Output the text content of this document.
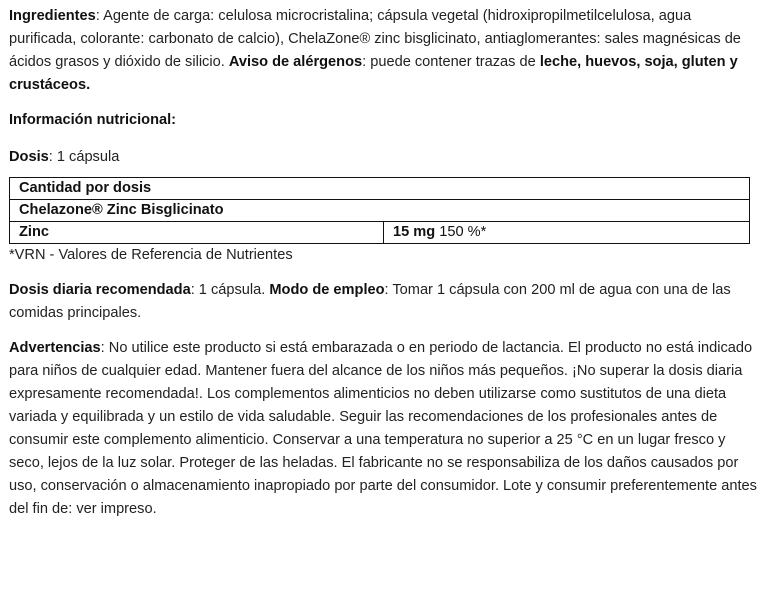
Ingredientes: Agente de carga: celulosa microcristalina; cápsula vegetal (hidroxipropilmetilcelulosa, agua purificada, colorante: carbonato de calcio), ChelaZone® zinc bisglicinato, antiaglomerantes: sales magnésicas de ácidos grasos y dióxido de silicio. Aviso de alérgenos: puede contener trazas de leche, huevos, soja, gluten y crustáceos.

Información nutricional:

Dosis: 1 cápsula

Cantidad por dosis
Chelazone® Zinc Bisglicinato
Zinc	15 mg 150 %*

*VRN - Valores de Referencia de Nutrientes

Dosis diaria recomendada: 1 cápsula. Modo de empleo: Tomar 1 cápsula con 200 ml de agua con una de las comidas principales.

Advertencias: No utilice este producto si está embarazada o en periodo de lactancia. El producto no está indicado para niños de cualquier edad. Mantener fuera del alcance de los niños más pequeños. ¡No superar la dosis diaria expresamente recomendada!. Los complementos alimenticios no deben utilizarse como sustitutos de una dieta variada y equilibrada y un estilo de vida saludable. Seguir las recomendaciones de los profesionales antes de consumir este complemento alimenticio. Conservar a una temperatura no superior a 25 °C en un lugar fresco y seco, lejos de la luz solar. Proteger de las heladas. El fabricante no se responsabiliza de los daños causados por uso, conservación o almacenamiento inapropiado por parte del consumidor. Lote y consumir preferentemente antes del fin de: ver impreso.
